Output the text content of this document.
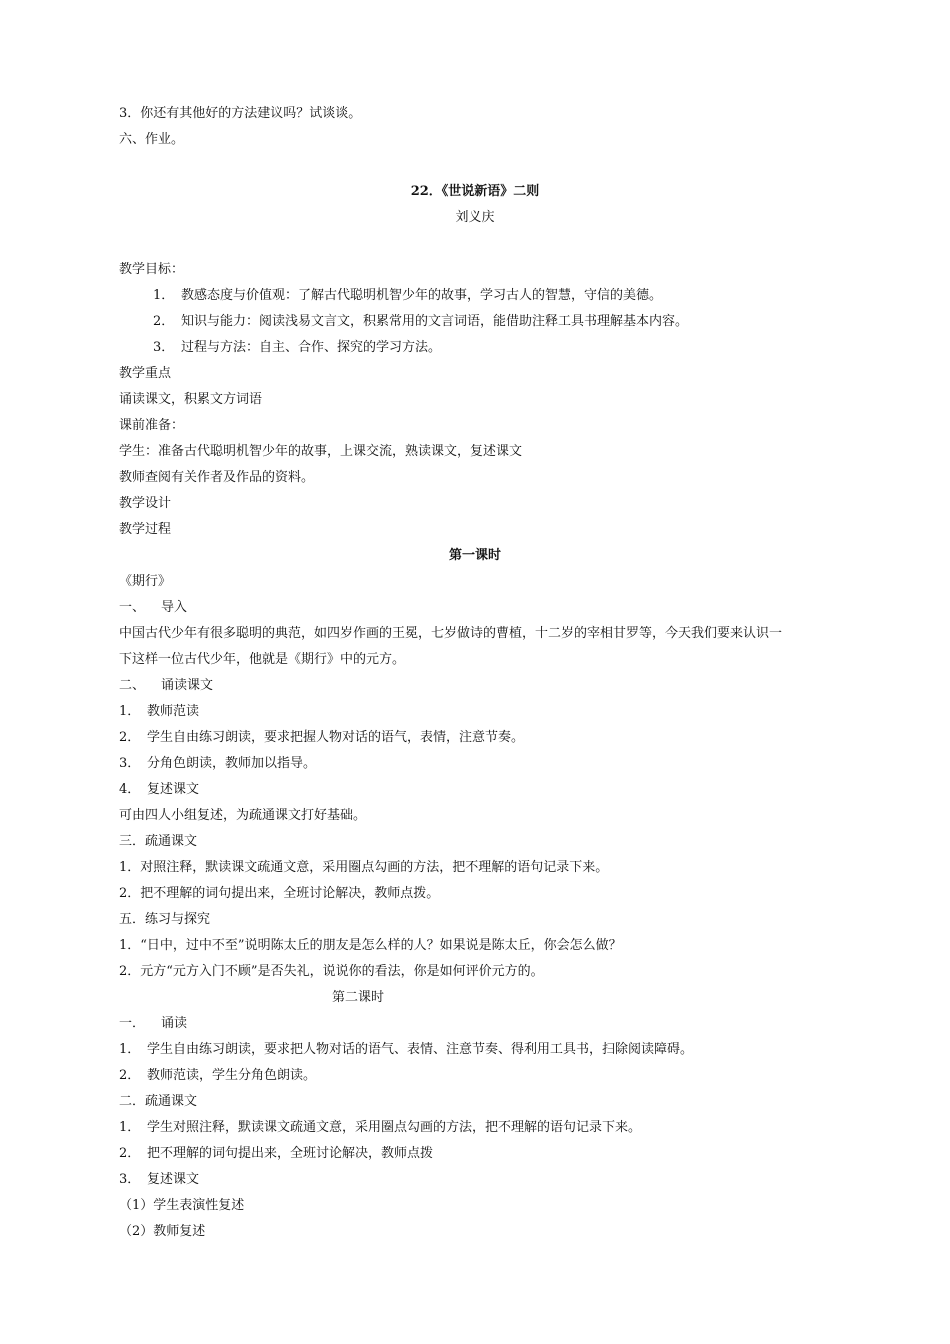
3．你还有其他好的方法建议吗？试谈谈。

六、作业。

22．《世说新语》二则

刘义庆

教学目标：

1． 教感态度与价值观：了解古代聪明机智少年的故事，学习古人的智慧，守信的美德。

2． 知识与能力：阅读浅易文言文，积累常用的文言词语，能借助注释工具书理解基本内容。

3． 过程与方法：自主、合作、探究的学习方法。

教学重点

诵读课文，积累文方词语

课前准备：

学生：准备古代聪明机智少年的故事，上课交流，熟读课文，复述课文

教师查阅有关作者及作品的资料。

教学设计

教学过程

第一课时

《期行》

一、 导入

中国古代少年有很多聪明的典范，如四岁作画的王冕，七岁做诗的曹植，十二岁的宰相甘罗等，今天我们要来认识一

下这样一位古代少年，他就是《期行》中的元方。

二、 诵读课文

1． 教师范读

2． 学生自由练习朗读，要求把握人物对话的语气，表情，注意节奏。

3． 分角色朗读，教师加以指导。

4． 复述课文

可由四人小组复述，为疏通课文打好基础。

三．疏通课文

1．对照注释，默读课文疏通文意，采用圈点勾画的方法，把不理解的语句记录下来。

2．把不理解的词句提出来，全班讨论解决，教师点拨。

五．练习与探究

1．“日中，过中不至”说明陈太丘的朋友是怎么样的人？如果说是陈太丘，你会怎么做？

2．元方“元方入门不顾”是否失礼，说说你的看法，你是如何评价元方的。

第二课时

一． 诵读

1． 学生自由练习朗读，要求把人物对话的语气、表情、注意节奏、得利用工具书，扫除阅读障碍。

2． 教师范读，学生分角色朗读。

二．疏通课文

1． 学生对照注释，默读课文疏通文意，采用圈点勾画的方法，把不理解的语句记录下来。

2． 把不理解的词句提出来，全班讨论解决，教师点拨

3． 复述课文

（1）学生表演性复述

（2）教师复述
